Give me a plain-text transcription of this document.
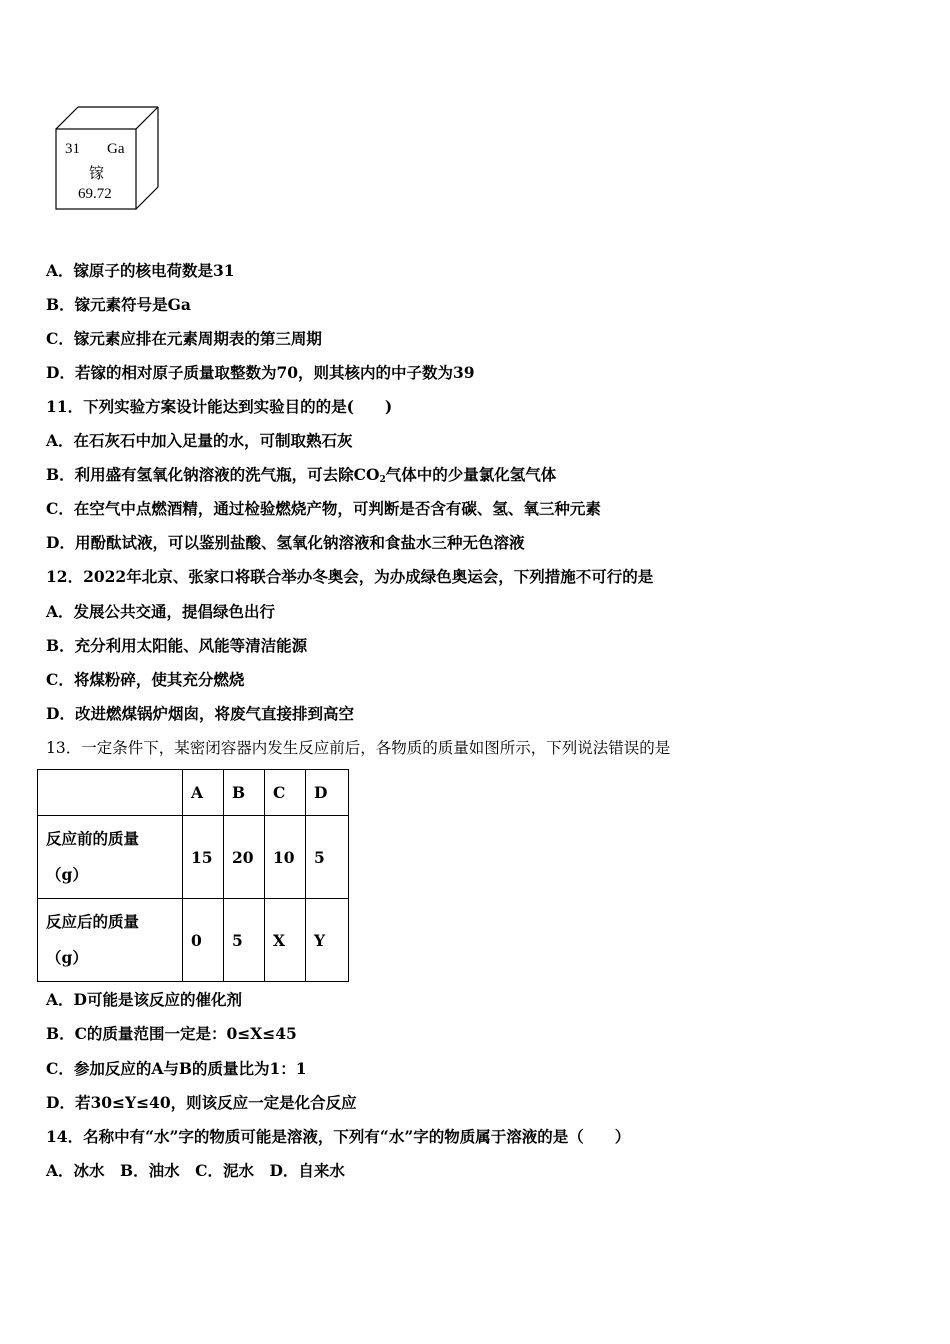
31 Ga
镓
69.72
A．镓原子的核电荷数是31
B．镓元素符号是Ga
C．镓元素应排在元素周期表的第三周期
D．若镓的相对原子质量取整数为70，则其核内的中子数为39
11．下列实验方案设计能达到实验目的的是(　　)
A．在石灰石中加入足量的水，可制取熟石灰
B．利用盛有氢氧化钠溶液的洗气瓶，可去除$CO_2$气体中的少量氯化氢气体
C．在空气中点燃酒精，通过检验燃烧产物，可判断是否含有碳、氢、氧三种元素
D．用酚酞试液，可以鉴别盐酸、氢氧化钠溶液和食盐水三种无色溶液
12．2022年北京、张家口将联合举办冬奥会，为办成绿色奥运会，下列措施不可行的是
A．发展公共交通，提倡绿色出行
B．充分利用太阳能、风能等清洁能源
C．将煤粉碎，使其充分燃烧
D．改进燃煤锅炉烟囱，将废气直接排到高空
13．一定条件下，某密闭容器内发生反应前后，各物质的质量如图所示，下列说法错误的是
	A	B	C	D

反应前的质量
（g）	15	20	10	5

反应后的质量
（g）	0	5	X	Y
A．D可能是该反应的催化剂
B．C的质量范围一定是：0≤X≤45
C．参加反应的A与B的质量比为1：1
D．若30≤Y≤40，则该反应一定是化合反应
14．名称中有“水”字的物质可能是溶液，下列有“水”字的物质属于溶液的是（　　）
A．冰水　B．油水　C．泥水　D．自来水
